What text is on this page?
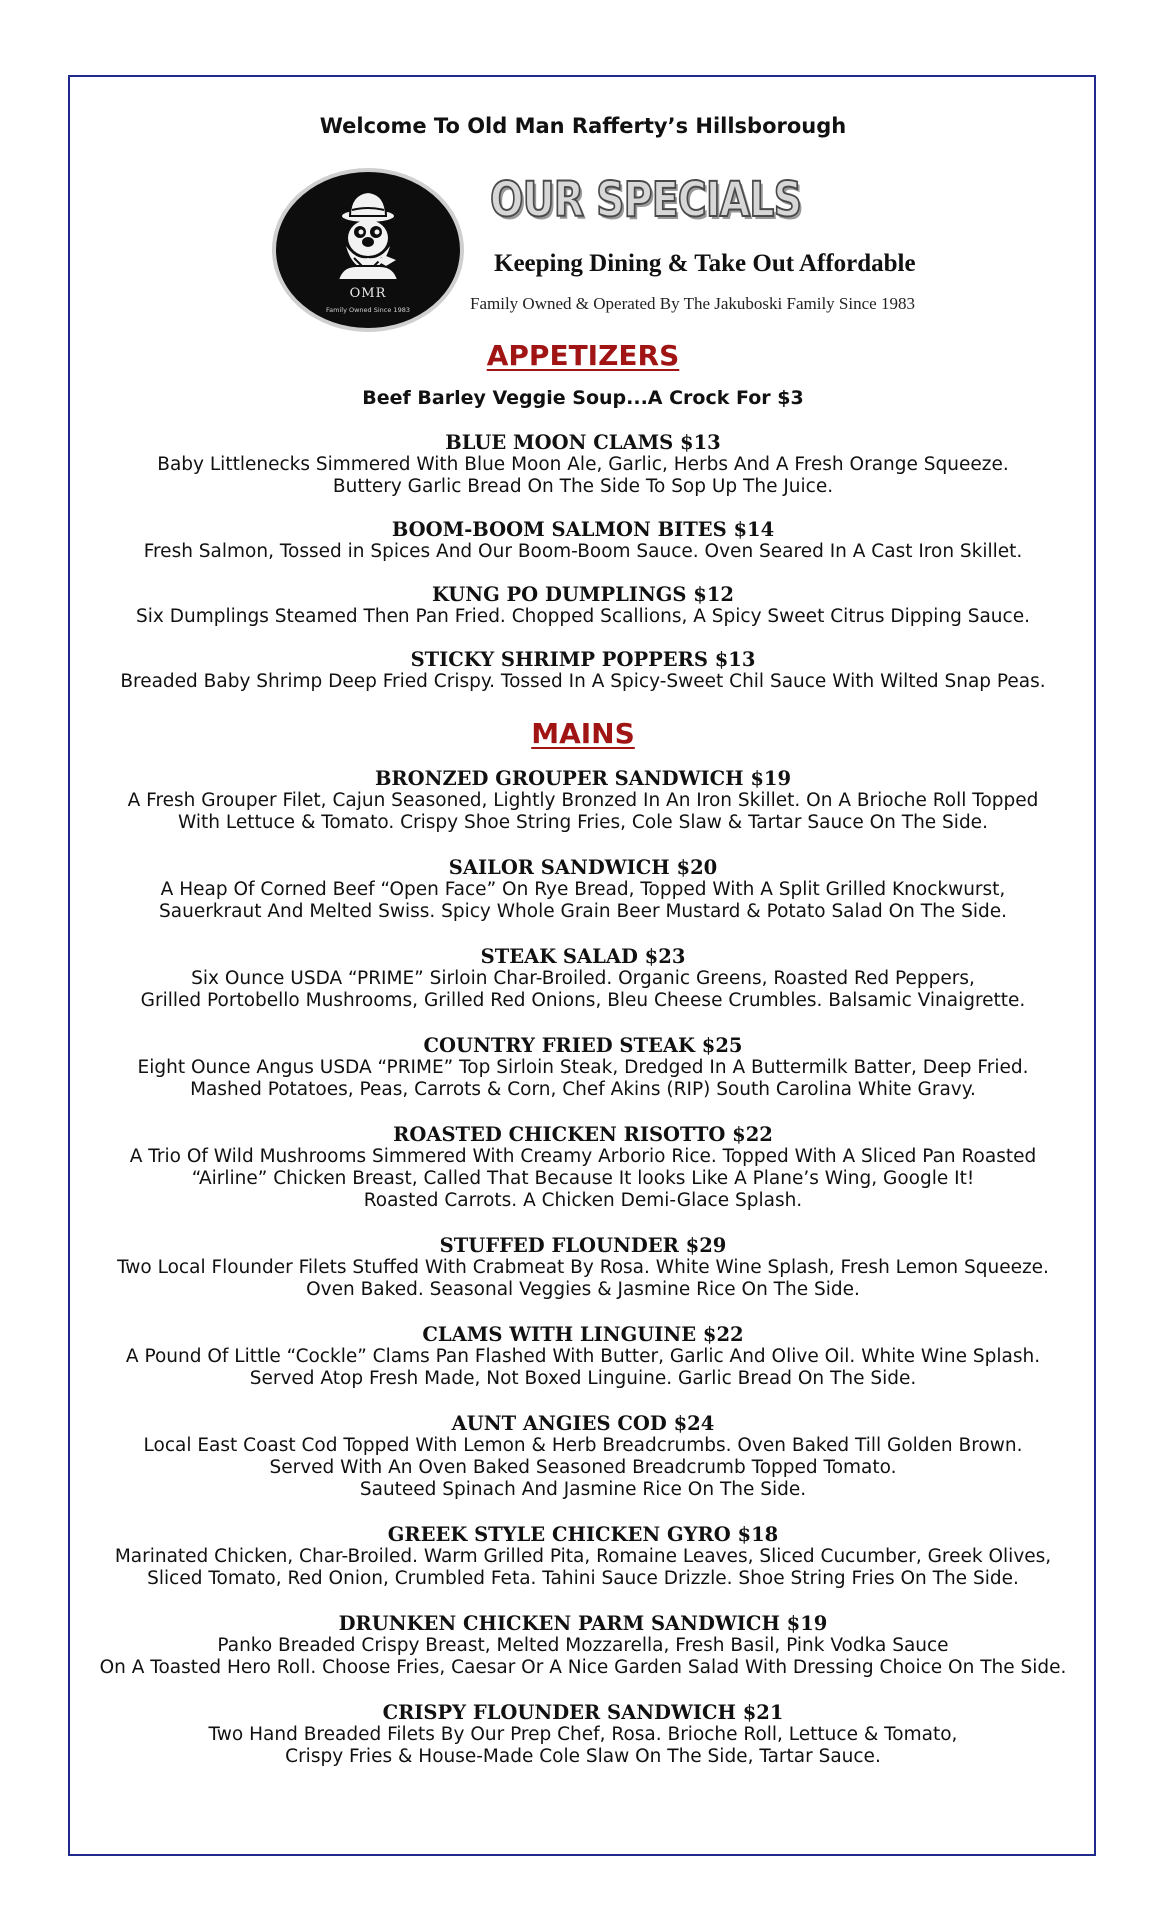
Welcome To Old Man Rafferty’s Hillsborough
OMR
Family Owned Since 1983
OUR SPECIALS
Keeping Dining & Take Out Affordable
Family Owned & Operated By The Jakuboski Family Since 1983
APPETIZERS
Beef Barley Veggie Soup...A Crock For $3
BLUE MOON CLAMS $13
Baby Littlenecks Simmered With Blue Moon Ale, Garlic, Herbs And A Fresh Orange Squeeze.
Buttery Garlic Bread On The Side To Sop Up The Juice.
BOOM-BOOM SALMON BITES $14
Fresh Salmon, Tossed in Spices And Our Boom-Boom Sauce. Oven Seared In A Cast Iron Skillet.
KUNG PO DUMPLINGS $12
Six Dumplings Steamed Then Pan Fried. Chopped Scallions, A Spicy Sweet Citrus Dipping Sauce.
STICKY SHRIMP POPPERS $13
Breaded Baby Shrimp Deep Fried Crispy. Tossed In A Spicy-Sweet Chil Sauce With Wilted Snap Peas.
MAINS
BRONZED GROUPER SANDWICH $19
A Fresh Grouper Filet, Cajun Seasoned, Lightly Bronzed In An Iron Skillet. On A Brioche Roll Topped
With Lettuce & Tomato. Crispy Shoe String Fries, Cole Slaw & Tartar Sauce On The Side.
SAILOR SANDWICH $20
A Heap Of Corned Beef “Open Face” On Rye Bread, Topped With A Split Grilled Knockwurst,
Sauerkraut And Melted Swiss. Spicy Whole Grain Beer Mustard & Potato Salad On The Side.
STEAK SALAD $23
Six Ounce USDA “PRIME” Sirloin Char-Broiled. Organic Greens, Roasted Red Peppers,
Grilled Portobello Mushrooms, Grilled Red Onions, Bleu Cheese Crumbles. Balsamic Vinaigrette.
COUNTRY FRIED STEAK $25
Eight Ounce Angus USDA “PRIME” Top Sirloin Steak, Dredged In A Buttermilk Batter, Deep Fried.
Mashed Potatoes, Peas, Carrots & Corn, Chef Akins (RIP) South Carolina White Gravy.
ROASTED CHICKEN RISOTTO $22
A Trio Of Wild Mushrooms Simmered With Creamy Arborio Rice. Topped With A Sliced Pan Roasted
“Airline” Chicken Breast, Called That Because It looks Like A Plane’s Wing, Google It!
Roasted Carrots. A Chicken Demi-Glace Splash.
STUFFED FLOUNDER $29
Two Local Flounder Filets Stuffed With Crabmeat By Rosa. White Wine Splash, Fresh Lemon Squeeze.
Oven Baked. Seasonal Veggies & Jasmine Rice On The Side.
CLAMS WITH LINGUINE $22
A Pound Of Little “Cockle” Clams Pan Flashed With Butter, Garlic And Olive Oil. White Wine Splash.
Served Atop Fresh Made, Not Boxed Linguine. Garlic Bread On The Side.
AUNT ANGIES COD $24
Local East Coast Cod Topped With Lemon & Herb Breadcrumbs. Oven Baked Till Golden Brown.
Served With An Oven Baked Seasoned Breadcrumb Topped Tomato.
Sauteed Spinach And Jasmine Rice On The Side.
GREEK STYLE CHICKEN GYRO $18
Marinated Chicken, Char-Broiled. Warm Grilled Pita, Romaine Leaves, Sliced Cucumber, Greek Olives,
Sliced Tomato, Red Onion, Crumbled Feta. Tahini Sauce Drizzle. Shoe String Fries On The Side.
DRUNKEN CHICKEN PARM SANDWICH $19
Panko Breaded Crispy Breast, Melted Mozzarella, Fresh Basil, Pink Vodka Sauce
On A Toasted Hero Roll. Choose Fries, Caesar Or A Nice Garden Salad With Dressing Choice On The Side.
CRISPY FLOUNDER SANDWICH $21
Two Hand Breaded Filets By Our Prep Chef, Rosa. Brioche Roll, Lettuce & Tomato,
Crispy Fries & House-Made Cole Slaw On The Side, Tartar Sauce.
